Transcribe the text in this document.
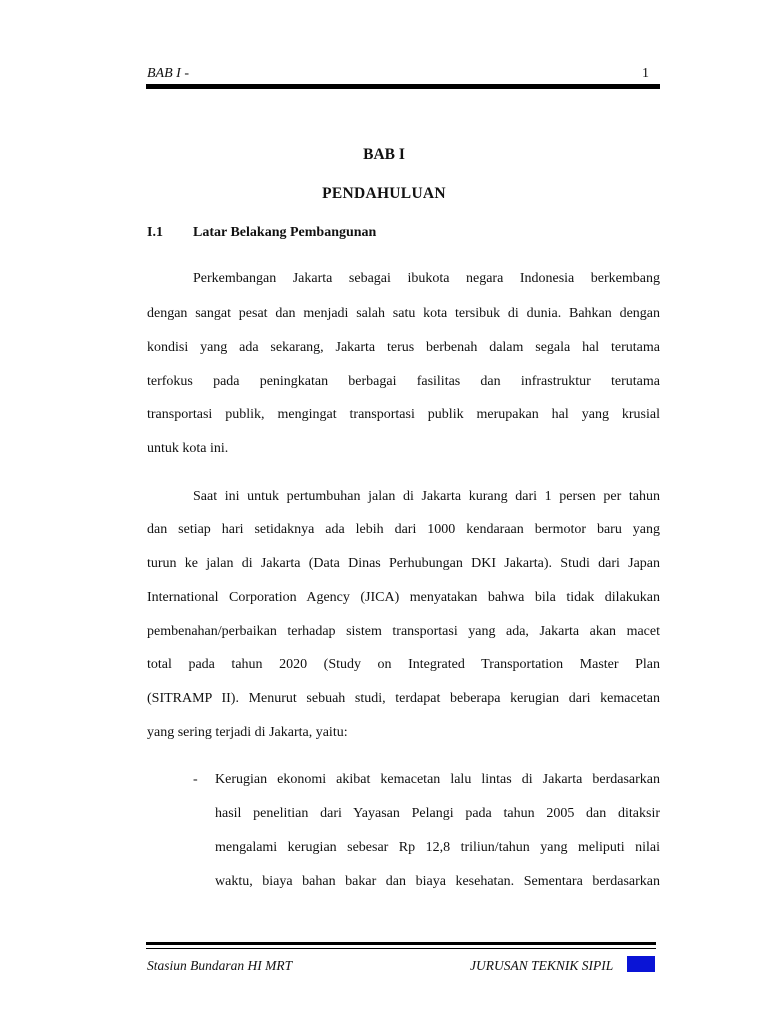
BAB I -	1
BAB I
PENDAHULUAN
I.1 Latar Belakang Pembangunan
Perkembangan Jakarta sebagai ibukota negara Indonesia berkembang
dengan sangat pesat dan menjadi salah satu kota tersibuk di dunia. Bahkan dengan
kondisi yang ada sekarang, Jakarta terus berbenah dalam segala hal terutama
terfokus pada peningkatan berbagai fasilitas dan infrastruktur terutama
transportasi publik, mengingat transportasi publik merupakan hal yang krusial
untuk kota ini.
Saat ini untuk pertumbuhan jalan di Jakarta kurang dari 1 persen per tahun
dan setiap hari setidaknya ada lebih dari 1000 kendaraan bermotor baru yang
turun ke jalan di Jakarta (Data Dinas Perhubungan DKI Jakarta). Studi dari Japan
International Corporation Agency (JICA) menyatakan bahwa bila tidak dilakukan
pembenahan/perbaikan terhadap sistem transportasi yang ada, Jakarta akan macet
total pada tahun 2020 (Study on Integrated Transportation Master Plan
(SITRAMP II). Menurut sebuah studi, terdapat beberapa kerugian dari kemacetan
yang sering terjadi di Jakarta, yaitu:
- Kerugian ekonomi akibat kemacetan lalu lintas di Jakarta berdasarkan
hasil penelitian dari Yayasan Pelangi pada tahun 2005 dan ditaksir
mengalami kerugian sebesar Rp 12,8 triliun/tahun yang meliputi nilai
waktu, biaya bahan bakar dan biaya kesehatan. Sementara berdasarkan
Stasiun Bundaran HI MRT	JURUSAN TEKNIK SIPIL
